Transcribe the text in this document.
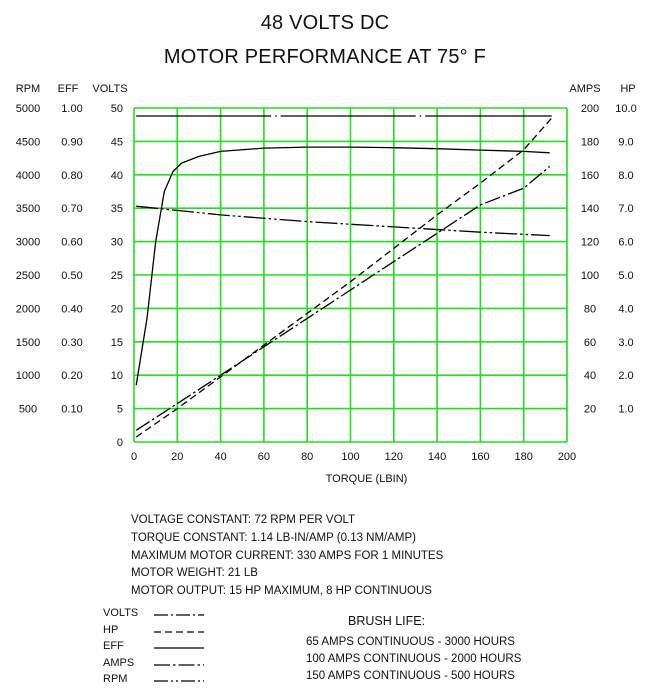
48 VOLTS DC
MOTOR PERFORMANCE AT 75° F
0	20	40	60	80	100 120 140 160 180 200
TORQUE (LBIN)
RPM
5000
4500
4000
3500
3000
2500
2000
1500
1000
500
EFF
1.00
0.90
0.80
0.70
0.60
0.50
0.40
0.30
0.20
0.10
VOLTS
50
45
40
35
30
25
20
15
10
5
0
AMPS
200
180
160
140
120
100
80
60
40
20
HP
10.0
9.0
8.0
7.0
6.0
5.0
4.0
3.0
2.0
1.0
VOLTAGE CONSTANT: 72 RPM PER VOLT
TORQUE CONSTANT: 1.14 LB-IN/AMP (0.13 NM/AMP)
MAXIMUM MOTOR CURRENT: 330 AMPS FOR 1 MINUTES
MOTOR WEIGHT: 21 LB
MOTOR OUTPUT: 15 HP MAXIMUM, 8 HP CONTINUOUS
VOLTS
HP
EFF
AMPS
RPM
BRUSH LIFE:
65 AMPS CONTINUOUS - 3000 HOURS
100 AMPS CONTINUOUS - 2000 HOURS
150 AMPS CONTINUOUS - 500 HOURS
